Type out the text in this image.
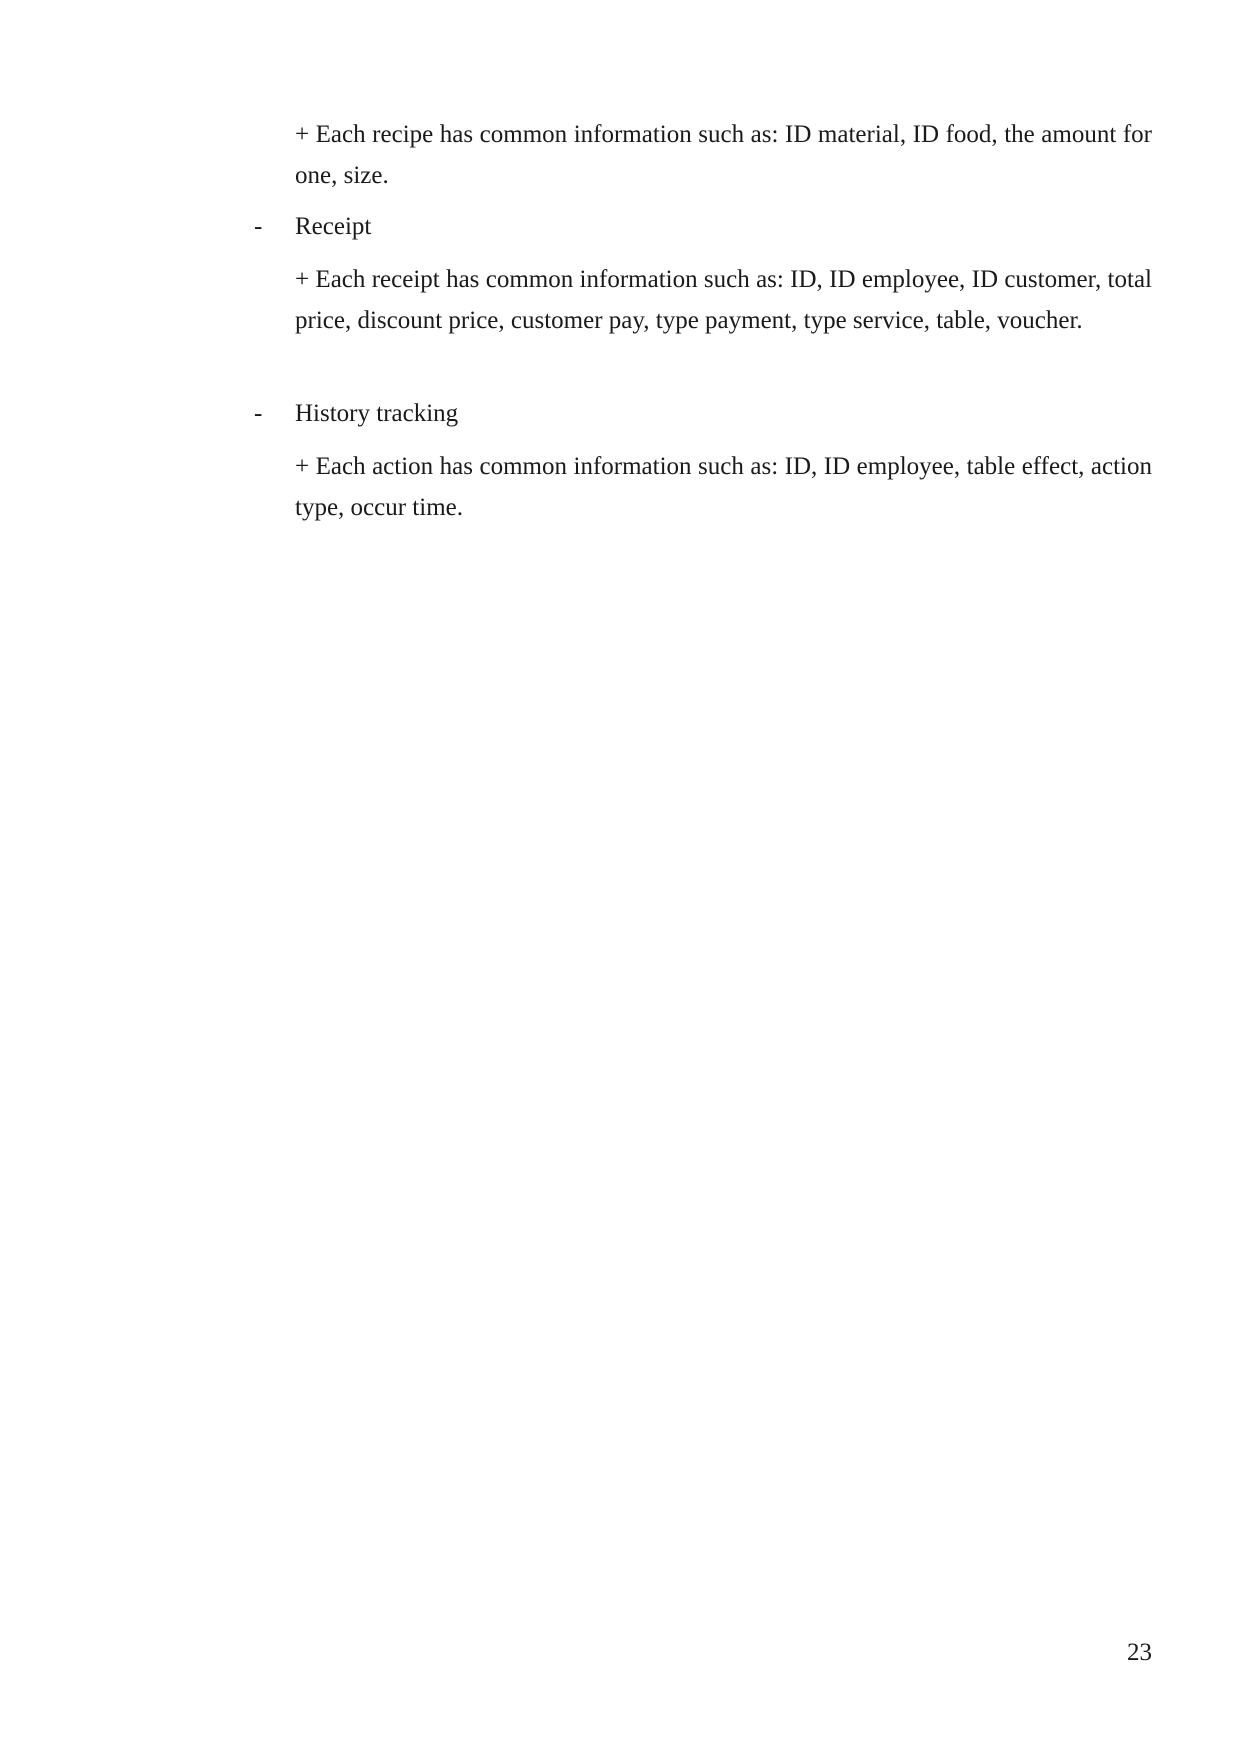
+ Each recipe has common information such as: ID material, ID food, the amount for one, size.

-	Receipt

+ Each receipt has common information such as: ID, ID employee, ID customer, total price, discount price, customer pay, type payment, type service, table, voucher.

-	History tracking

+ Each action has common information such as: ID, ID employee, table effect, action type, occur time.

23
